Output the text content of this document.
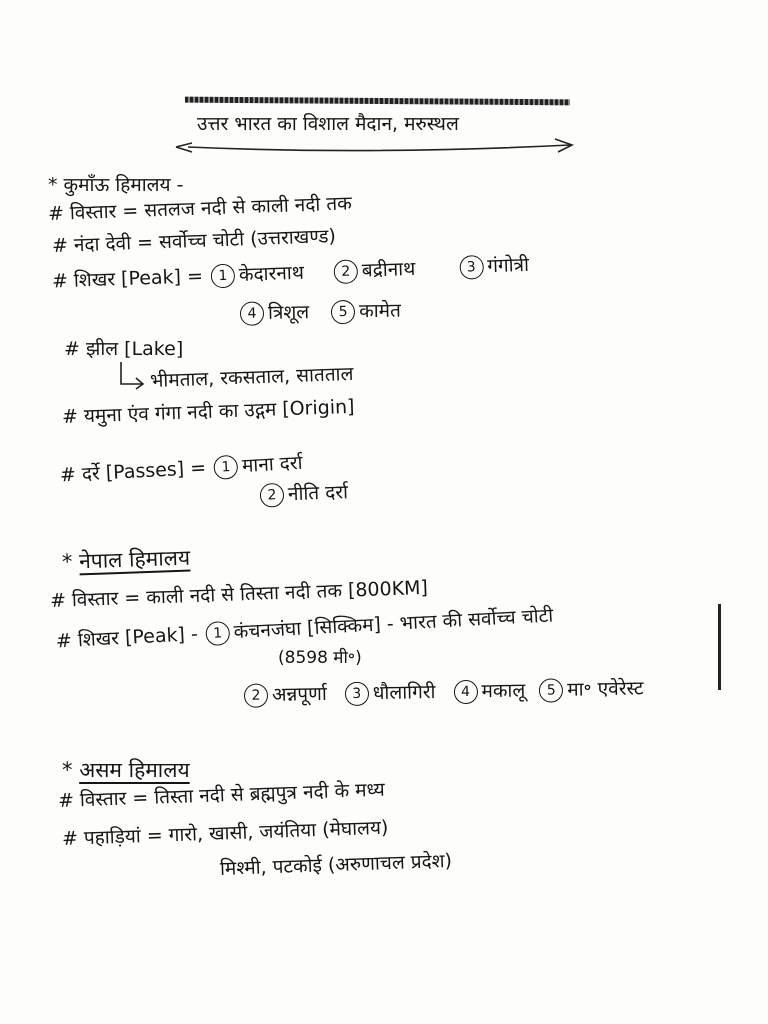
उत्तर भारत का विशाल मैदान, मरुस्थल
* कुमाँऊ हिमालय -
# विस्तार = सतलज नदी से काली नदी तक
# नंदा देवी = सर्वोच्च चोटी (उत्तराखण्ड)
# शिखर [Peak] = 1 केदारनाथ	2 बद्रीनाथ	3 गंगोत्री
4 त्रिशूल 5 कामेत
# झील [Lake]
भीमताल, रकसताल, सातताल
# यमुना एंव गंगा नदी का उद्गम [Origin]
# दर्रे [Passes] = 1 माना दर्रा
2 नीति दर्रा
* नेपाल हिमालय
# विस्तार = काली नदी से तिस्ता नदी तक [800KM]
# शिखर [Peak] - 1 कंचनजंघा [सिक्किम] - भारत की सर्वोच्च चोटी
(8598 मी॰)
2 अन्नपूर्णा 3 धौलागिरी 4 मकालू 5 मा॰ एवेरेस्ट
* असम हिमालय
# विस्तार = तिस्ता नदी से ब्रह्मपुत्र नदी के मध्य
# पहाड़ियां = गारो, खासी, जयंतिया (मेघालय)
मिश्मी, पटकोई (अरुणाचल प्रदेश)
